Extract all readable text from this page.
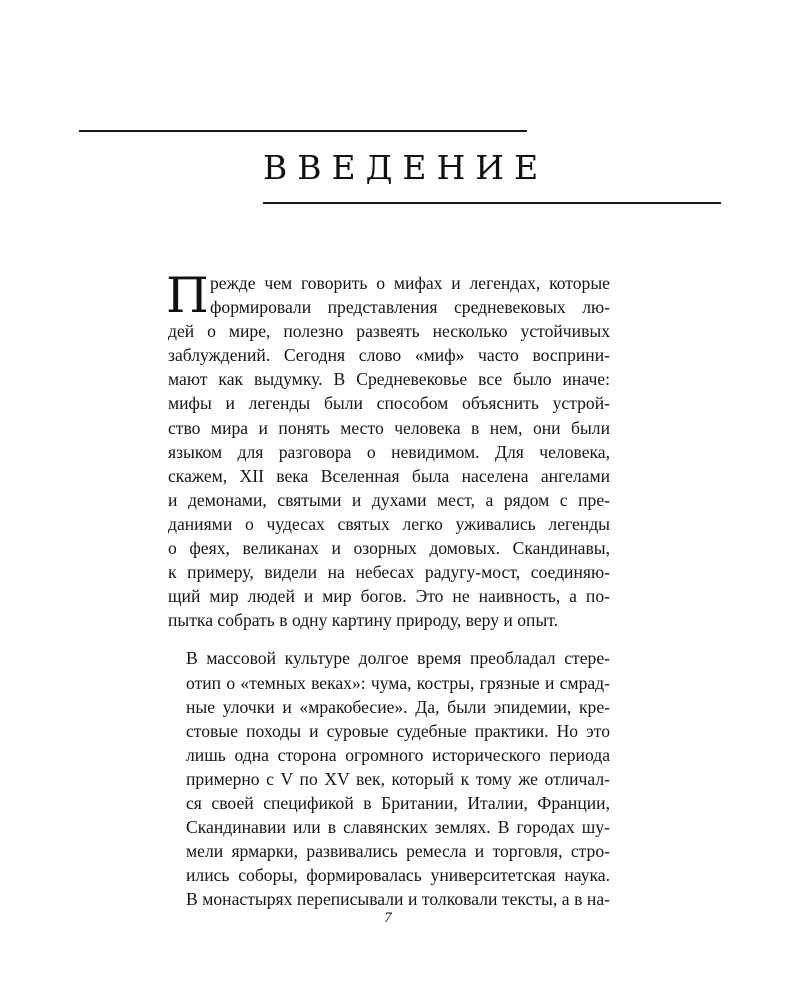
ВВЕДЕНИЕ
П режде чем говорить о мифах и легендах, которые
формировали представления средневековых лю-
дей о мире, полезно развеять несколько устойчивых
заблуждений. Сегодня слово «миф» часто восприни-
мают как выдумку. В Средневековье все было иначе:
мифы и легенды были способом объяснить устрой-
ство мира и понять место человека в нем, они были
языком для разговора о невидимом. Для человека,
скажем, XII века Вселенная была населена ангелами
и демонами, святыми и духами мест, а рядом с пре-
даниями о чудесах святых легко уживались легенды
о феях, великанах и озорных домовых. Скандинавы,
к примеру, видели на небесах радугу-мост, соединяю-
щий мир людей и мир богов. Это не наивность, а по-
пытка собрать в одну картину природу, веру и опыт.
В массовой культуре долгое время преобладал стере-
отип о «темных веках»: чума, костры, грязные и смрад-
ные улочки и «мракобесие». Да, были эпидемии, кре-
стовые походы и суровые судебные практики. Но это
лишь одна сторона огромного исторического периода
примерно с V по XV век, который к тому же отличал-
ся своей спецификой в Британии, Италии, Франции,
Скандинавии или в славянских землях. В городах шу-
мели ярмарки, развивались ремесла и торговля, стро-
ились соборы, формировалась университетская наука.
В монастырях переписывали и толковали тексты, а в на-
7
